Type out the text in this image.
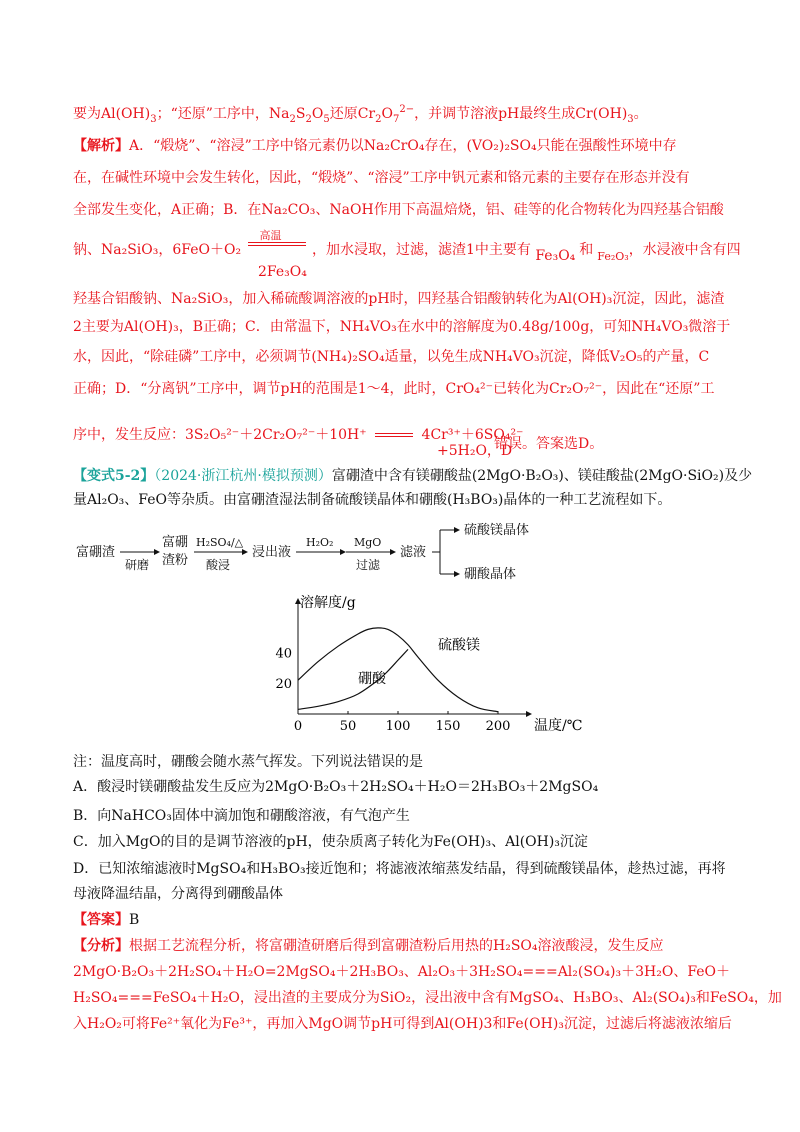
要为$Al(OH)_3$；“还原”工序中，$Na_2S_2O_5$还原$Cr_2O_7^{2-}$，并调节溶液pH最终生成$Cr(OH)_3$。
【解析】A．“煅烧”、“溶浸”工序中铬元素仍以Na₂CrO₄存在，(VO₂)₂SO₄只能在强酸性环境中存
在，在碱性环境中会发生转化，因此，“煅烧”、“溶浸”工序中钒元素和铬元素的主要存在形态并没有
全部发生变化，A正确；B．在Na₂CO₃、NaOH作用下高温焙烧，铝、硅等的化合物转化为四羟基合铝酸
钠、Na₂SiO₃，6FeO＋O₂
高温
，加水浸取，过滤，滤渣1中主要有 Fe₃O₄ 和 $_{Fe_2O_3}$，水浸液中含有四
2Fe₃O₄
羟基合铝酸钠、Na₂SiO₃，加入稀硫酸调溶液的pH时，四羟基合铝酸钠转化为Al(OH)₃沉淀，因此，滤渣
2主要为Al(OH)₃，B正确；C．由常温下，NH₄VO₃在水中的溶解度为0.48g/100g，可知NH₄VO₃微溶于
水，因此，“除硅磷”工序中，必须调节(NH₄)₂SO₄适量，以免生成NH₄VO₃沉淀，降低V₂O₅的产量，C
正确；D．“分离钒”工序中，调节pH的范围是1～4，此时，CrO₄²⁻已转化为Cr₂O₇²⁻，因此在“还原”工
序中，发生反应：3S₂O₅²⁻＋2Cr₂O₇²⁻＋10H⁺	4Cr³⁺＋6SO₄²⁻
错误。答案选D。
+5H₂O，D
【变式5-2】（2024·浙江杭州·模拟预测）富硼渣中含有镁硼酸盐(2MgO·B₂O₃)、镁硅酸盐(2MgO·SiO₂)及少
量Al₂O₃、FeO等杂质。由富硼渣湿法制备硫酸镁晶体和硼酸(H₃BO₃)晶体的一种工艺流程如下。
富硼渣
研磨
富硼
渣粉
H₂SO₄/△
酸浸
浸出液
H₂O₂ MgO
过滤
滤液
硫酸镁晶体
硼酸晶体
0	50 100 150 200
20
40
溶解度/g
温度/℃
硫酸镁
硼酸
注：温度高时，硼酸会随水蒸气挥发。下列说法错误的是
A．酸浸时镁硼酸盐发生反应为2MgO·B₂O₃＋2H₂SO₄＋H₂O＝2H₃BO₃＋2MgSO₄
B．向NaHCO₃固体中滴加饱和硼酸溶液，有气泡产生
C．加入MgO的目的是调节溶液的pH，使杂质离子转化为Fe(OH)₃、Al(OH)₃沉淀
D．已知浓缩滤液时MgSO₄和H₃BO₃接近饱和；将滤液浓缩蒸发结晶，得到硫酸镁晶体，趁热过滤，再将
母液降温结晶，分离得到硼酸晶体
【答案】B
【分析】根据工艺流程分析，将富硼渣研磨后得到富硼渣粉后用热的H₂SO₄溶液酸浸，发生反应
2MgO·B₂O₃＋2H₂SO₄＋H₂O=2MgSO₄＋2H₃BO₃、Al₂O₃＋3H₂SO₄===Al₂(SO₄)₃＋3H₂O、FeO＋
H₂SO₄===FeSO₄＋H₂O，浸出渣的主要成分为SiO₂，浸出液中含有MgSO₄、H₃BO₃、Al₂(SO₄)₃和FeSO₄，加
入H₂O₂可将Fe²⁺氧化为Fe³⁺，再加入MgO调节pH可得到Al(OH)3和Fe(OH)₃沉淀，过滤后将滤液浓缩后
